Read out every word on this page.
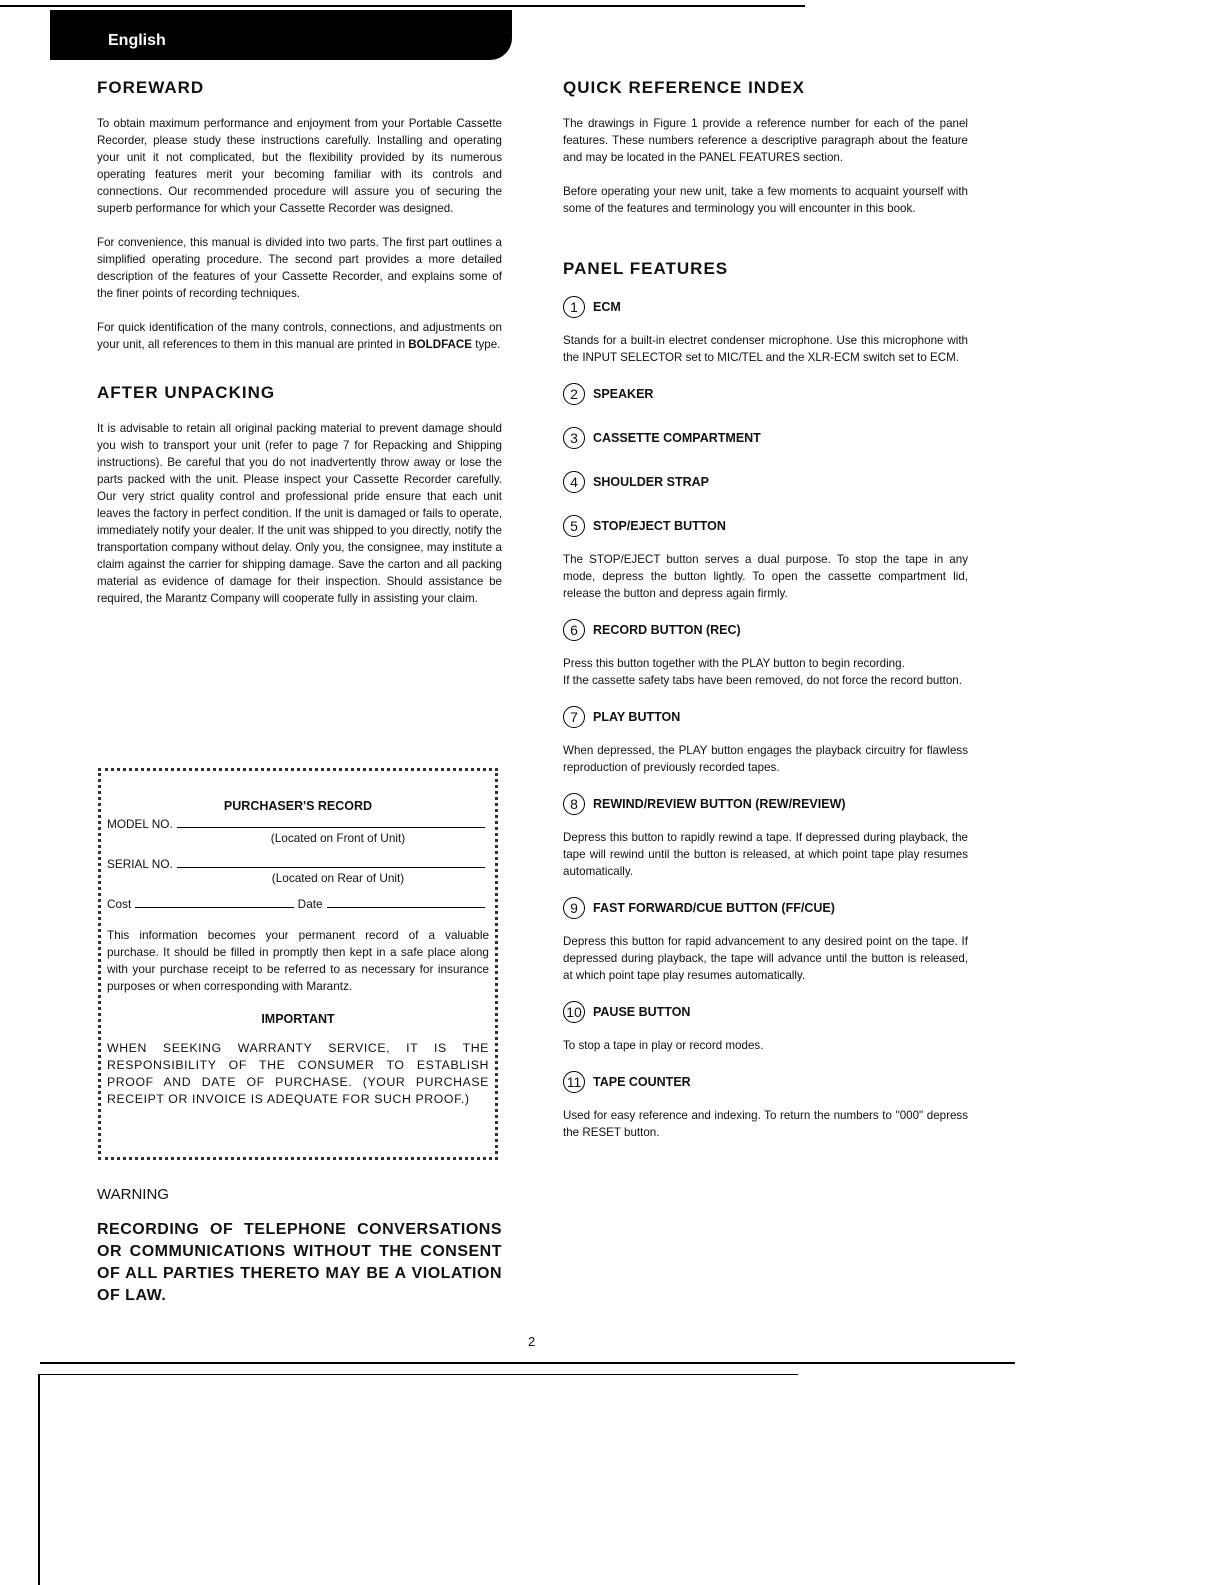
English
FOREWARD

To obtain maximum performance and enjoyment from your Portable Cassette Recorder, please study these instructions carefully. Installing and operating your unit it not complicated, but the flexibility provided by its numerous operating features merit your becoming familiar with its controls and connections. Our recommended procedure will assure you of securing the superb performance for which your Cassette Recorder was designed.

For convenience, this manual is divided into two parts. The first part outlines a simplified operating procedure. The second part provides a more detailed description of the features of your Cassette Recorder, and explains some of the finer points of recording techniques.

For quick identification of the many controls, connections, and adjustments on your unit, all references to them in this manual are printed in BOLDFACE type.

AFTER UNPACKING

It is advisable to retain all original packing material to prevent damage should you wish to transport your unit (refer to page 7 for Repacking and Shipping instructions). Be careful that you do not inadvertently throw away or lose the parts packed with the unit. Please inspect your Cassette Recorder carefully. Our very strict quality control and professional pride ensure that each unit leaves the factory in perfect condition. If the unit is damaged or fails to operate, immediately notify your dealer. If the unit was shipped to you directly, notify the transportation company without delay. Only you, the consignee, may institute a claim against the carrier for shipping damage. Save the carton and all packing material as evidence of damage for their inspection. Should assistance be required, the Marantz Company will cooperate fully in assisting your claim.

PURCHASER'S RECORD
MODEL NO.
(Located on Front of Unit)
SERIAL NO.
(Located on Rear of Unit)
Cost	Date

This information becomes your permanent record of a valuable purchase. It should be filled in promptly then kept in a safe place along with your purchase receipt to be referred to as necessary for insurance purposes or when corresponding with Marantz.

IMPORTANT

WHEN SEEKING WARRANTY SERVICE, IT IS THE RESPONSIBILITY OF THE CONSUMER TO ESTABLISH PROOF AND DATE OF PURCHASE. (YOUR PURCHASE RECEIPT OR INVOICE IS ADEQUATE FOR SUCH PROOF.)

WARNING
RECORDING OF TELEPHONE CONVERSATIONS OR COMMUNICATIONS WITHOUT THE CONSENT OF ALL PARTIES THERETO MAY BE A VIOLATION OF LAW.
QUICK REFERENCE INDEX

The drawings in Figure 1 provide a reference number for each of the panel features. These numbers reference a descriptive paragraph about the feature and may be located in the PANEL FEATURES section.

Before operating your new unit, take a few moments to acquaint yourself with some of the features and terminology you will encounter in this book.

PANEL FEATURES
1	ECM

Stands for a built-in electret condenser microphone. Use this microphone with the INPUT SELECTOR set to MIC/TEL and the XLR-ECM switch set to ECM.

2	SPEAKER
3	CASSETTE COMPARTMENT
4	SHOULDER STRAP
5	STOP/EJECT BUTTON

The STOP/EJECT button serves a dual purpose. To stop the tape in any mode, depress the button lightly. To open the cassette compartment lid, release the button and depress again firmly.

6	RECORD BUTTON (REC)

Press this button together with the PLAY button to begin recording.

If the cassette safety tabs have been removed, do not force the record button.

7	PLAY BUTTON

When depressed, the PLAY button engages the playback circuitry for flawless reproduction of previously recorded tapes.

8	REWIND/REVIEW BUTTON (REW/REVIEW)

Depress this button to rapidly rewind a tape. If depressed during playback, the tape will rewind until the button is released, at which point tape play resumes automatically.

9	FAST FORWARD/CUE BUTTON (FF/CUE)

Depress this button for rapid advancement to any desired point on the tape. If depressed during playback, the tape will advance until the button is released, at which point tape play resumes automatically.

10 PAUSE BUTTON

To stop a tape in play or record modes.

11 TAPE COUNTER

Used for easy reference and indexing. To return the numbers to "000" depress the RESET button.

2
